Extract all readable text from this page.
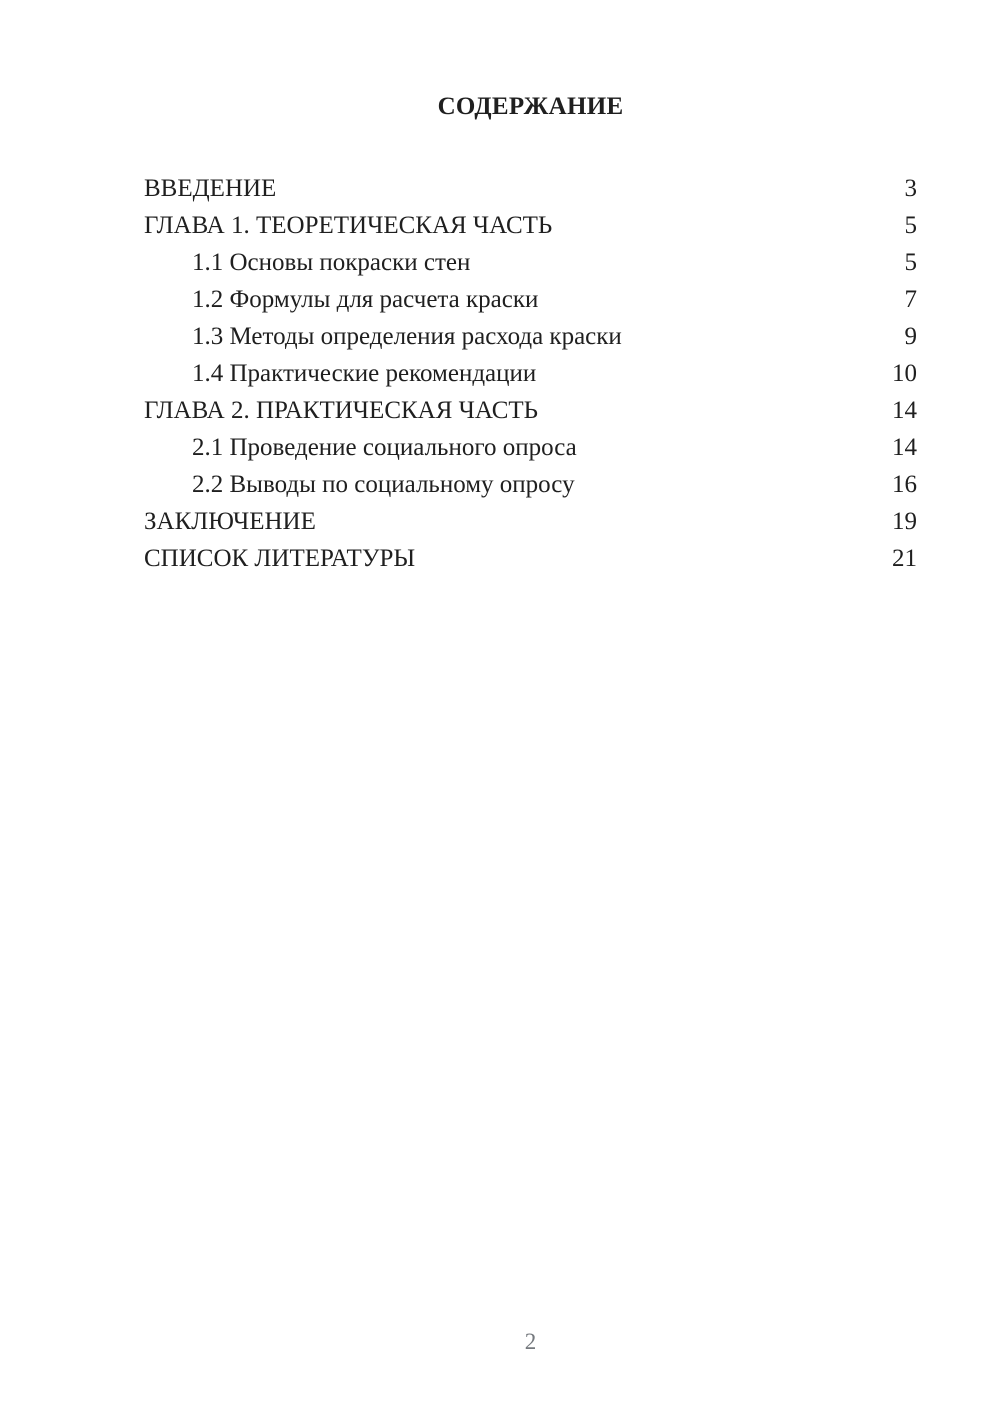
СОДЕРЖАНИЕ
ВВЕДЕНИЕ	3
ГЛАВА 1. ТЕОРЕТИЧЕСКАЯ ЧАСТЬ	5
1.1 Основы покраски стен	5
1.2 Формулы для расчета краски	7
1.3 Методы определения расхода краски	9
1.4 Практические рекомендации	10
ГЛАВА 2. ПРАКТИЧЕСКАЯ ЧАСТЬ	14
2.1 Проведение социального опроса	14
2.2 Выводы по социальному опросу	16
ЗАКЛЮЧЕНИЕ	19
СПИСОК ЛИТЕРАТУРЫ	21
2
